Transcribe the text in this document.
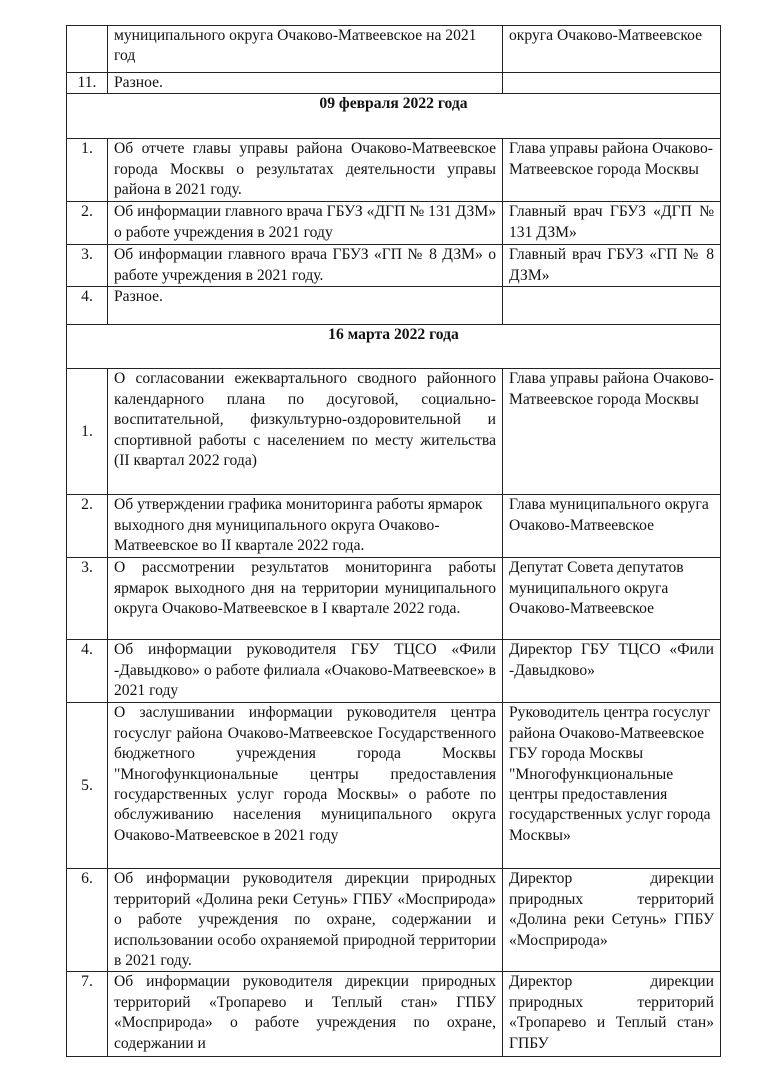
	муниципального округа Очаково-Матвеевское на 2021 год	округа Очаково-Матвеевское
11.	Разное.	
09 февраля 2022 года		
1.	Об отчете главы управы района Очаково-Матвеевское города Москвы о результатах деятельности управы района в 2021 году.	Глава управы района Очаково-Матвеевское города Москвы
2.	Об информации главного врача ГБУЗ «ДГП № 131 ДЗМ» о работе учреждения в 2021 году	Главный врач ГБУЗ «ДГП № 131 ДЗМ»
3.	Об информации главного врача ГБУЗ «ГП № 8 ДЗМ» о работе учреждения в 2021 году.	Главный врач ГБУЗ «ГП № 8 ДЗМ»
4.	Разное.	
16 марта 2022 года		
1.	О согласовании ежеквартального сводного районного календарного плана по досуговой, социально-воспитательной, физкультурно-оздоровительной и спортивной работы с населением по месту жительства (II квартал 2022 года)	Глава управы района Очаково-Матвеевское города Москвы
2.	Об утверждении графика мониторинга работы ярмарок выходного дня муниципального округа Очаково-Матвеевское во II квартале 2022 года.	Глава муниципального округа Очаково-Матвеевское
3.	О рассмотрении результатов мониторинга работы ярмарок выходного дня на территории муниципального округа Очаково-Матвеевское в I квартале 2022 года.	Депутат Совета депутатов муниципального округа Очаково-Матвеевское
4.	Об информации руководителя ГБУ ТЦСО «Фили -Давыдково» о работе филиала «Очаково-Матвеевское» в 2021 году	Директор ГБУ ТЦСО «Фили -Давыдково»
5.	О заслушивании информации руководителя центра госуслуг района Очаково-Матвеевское Государственного бюджетного учреждения города Москвы "Многофункциональные центры предоставления государственных услуг города Москвы» о работе по обслуживанию населения муниципального округа Очаково-Матвеевское в 2021 году	Руководитель центра госуслуг района Очаково-Матвеевское ГБУ города Москвы "Многофункциональные центры предоставления государственных услуг города Москвы»
6.	Об информации руководителя дирекции природных территорий «Долина реки Сетунь» ГПБУ «Мосприрода» о работе учреждения по охране, содержании и использовании особо охраняемой природной территории в 2021 году.	Директор дирекции природных территорий «Долина реки Сетунь» ГПБУ «Мосприрода»
7.	Об информации руководителя дирекции природных территорий «Тропарево и Теплый стан» ГПБУ «Мосприрода» о работе учреждения по охране, содержании и	Директор дирекции природных территорий «Тропарево и Теплый стан» ГПБУ
